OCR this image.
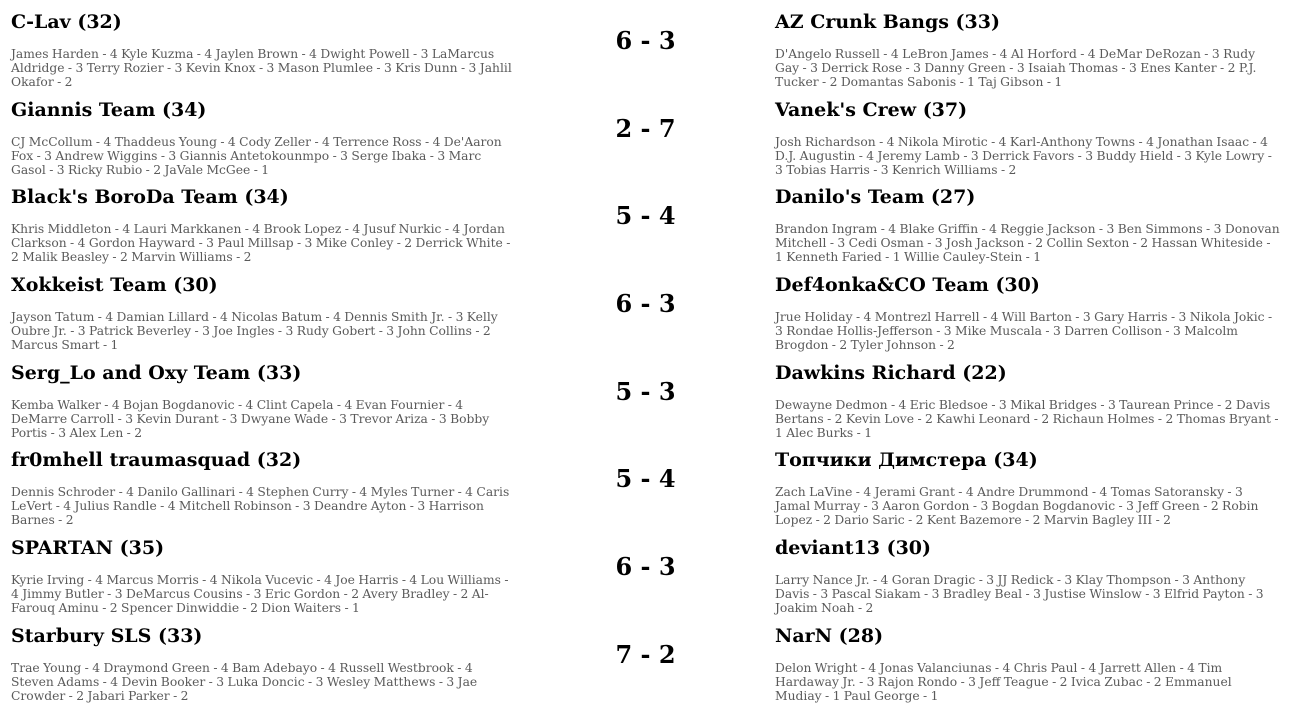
C-Lav (32)
James Harden - 4 Kyle Kuzma - 4 Jaylen Brown - 4 Dwight Powell - 3 LaMarcus Aldridge - 3 Terry Rozier - 3 Kevin Knox - 3 Mason Plumlee - 3 Kris Dunn - 3 Jahlil Okafor - 2
6 - 3
AZ Crunk Bangs (33)
D'Angelo Russell - 4 LeBron James - 4 Al Horford - 4 DeMar DeRozan - 3 Rudy Gay - 3 Derrick Rose - 3 Danny Green - 3 Isaiah Thomas - 3 Enes Kanter - 2 P.J. Tucker - 2 Domantas Sabonis - 1 Taj Gibson - 1
Giannis Team (34)
CJ McCollum - 4 Thaddeus Young - 4 Cody Zeller - 4 Terrence Ross - 4 De'Aaron Fox - 3 Andrew Wiggins - 3 Giannis Antetokounmpo - 3 Serge Ibaka - 3 Marc Gasol - 3 Ricky Rubio - 2 JaVale McGee - 1
2 - 7
Vanek's Crew (37)
Josh Richardson - 4 Nikola Mirotic - 4 Karl-Anthony Towns - 4 Jonathan Isaac - 4 D.J. Augustin - 4 Jeremy Lamb - 3 Derrick Favors - 3 Buddy Hield - 3 Kyle Lowry - 3 Tobias Harris - 3 Kenrich Williams - 2
Black's BoroDa Team (34)
Khris Middleton - 4 Lauri Markkanen - 4 Brook Lopez - 4 Jusuf Nurkic - 4 Jordan Clarkson - 4 Gordon Hayward - 3 Paul Millsap - 3 Mike Conley - 2 Derrick White - 2 Malik Beasley - 2 Marvin Williams - 2
5 - 4
Danilo's Team (27)
Brandon Ingram - 4 Blake Griffin - 4 Reggie Jackson - 3 Ben Simmons - 3 Donovan Mitchell - 3 Cedi Osman - 3 Josh Jackson - 2 Collin Sexton - 2 Hassan Whiteside - 1 Kenneth Faried - 1 Willie Cauley-Stein - 1
Xokkeist Team (30)
Jayson Tatum - 4 Damian Lillard - 4 Nicolas Batum - 4 Dennis Smith Jr. - 3 Kelly Oubre Jr. - 3 Patrick Beverley - 3 Joe Ingles - 3 Rudy Gobert - 3 John Collins - 2 Marcus Smart - 1
6 - 3
Def4onka&CO Team (30)
Jrue Holiday - 4 Montrezl Harrell - 4 Will Barton - 3 Gary Harris - 3 Nikola Jokic - 3 Rondae Hollis-Jefferson - 3 Mike Muscala - 3 Darren Collison - 3 Malcolm Brogdon - 2 Tyler Johnson - 2
Serg_Lo and Oxy Team (33)
Kemba Walker - 4 Bojan Bogdanovic - 4 Clint Capela - 4 Evan Fournier - 4 DeMarre Carroll - 3 Kevin Durant - 3 Dwyane Wade - 3 Trevor Ariza - 3 Bobby Portis - 3 Alex Len - 2
5 - 3
Dawkins Richard (22)
Dewayne Dedmon - 4 Eric Bledsoe - 3 Mikal Bridges - 3 Taurean Prince - 2 Davis Bertans - 2 Kevin Love - 2 Kawhi Leonard - 2 Richaun Holmes - 2 Thomas Bryant - 1 Alec Burks - 1
fr0mhell traumasquad (32)
Dennis Schroder - 4 Danilo Gallinari - 4 Stephen Curry - 4 Myles Turner - 4 Caris LeVert - 4 Julius Randle - 4 Mitchell Robinson - 3 Deandre Ayton - 3 Harrison Barnes - 2
5 - 4
Топчики Димстера (34)
Zach LaVine - 4 Jerami Grant - 4 Andre Drummond - 4 Tomas Satoransky - 3 Jamal Murray - 3 Aaron Gordon - 3 Bogdan Bogdanovic - 3 Jeff Green - 2 Robin Lopez - 2 Dario Saric - 2 Kent Bazemore - 2 Marvin Bagley III - 2
SPARTAN (35)
Kyrie Irving - 4 Marcus Morris - 4 Nikola Vucevic - 4 Joe Harris - 4 Lou Williams - 4 Jimmy Butler - 3 DeMarcus Cousins - 3 Eric Gordon - 2 Avery Bradley - 2 Al-Farouq Aminu - 2 Spencer Dinwiddie - 2 Dion Waiters - 1
6 - 3
deviant13 (30)
Larry Nance Jr. - 4 Goran Dragic - 3 JJ Redick - 3 Klay Thompson - 3 Anthony Davis - 3 Pascal Siakam - 3 Bradley Beal - 3 Justise Winslow - 3 Elfrid Payton - 3 Joakim Noah - 2
Starbury SLS (33)
Trae Young - 4 Draymond Green - 4 Bam Adebayo - 4 Russell Westbrook - 4 Steven Adams - 4 Devin Booker - 3 Luka Doncic - 3 Wesley Matthews - 3 Jae Crowder - 2 Jabari Parker - 2
7 - 2
NarN (28)
Delon Wright - 4 Jonas Valanciunas - 4 Chris Paul - 4 Jarrett Allen - 4 Tim Hardaway Jr. - 3 Rajon Rondo - 3 Jeff Teague - 2 Ivica Zubac - 2 Emmanuel Mudiay - 1 Paul George - 1
